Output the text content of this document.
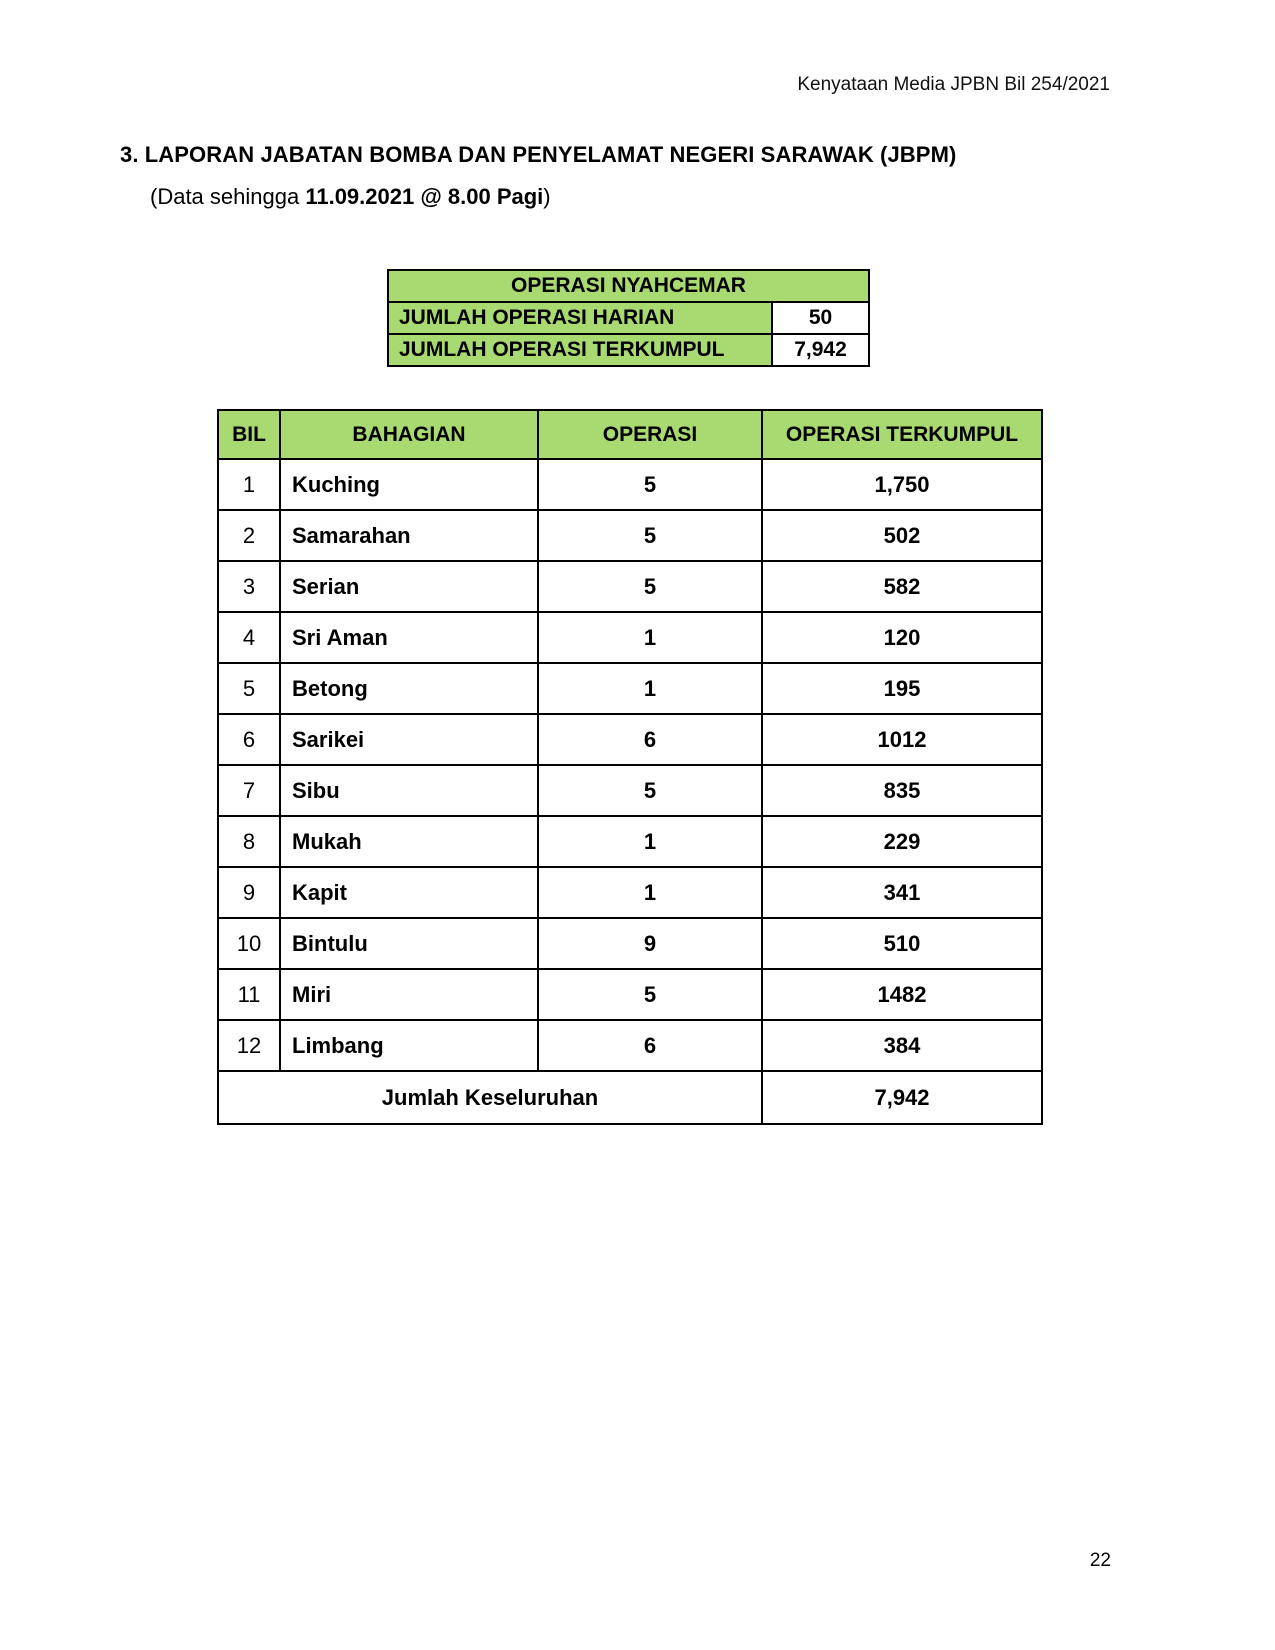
Kenyataan Media JPBN Bil 254/2021
3. LAPORAN JABATAN BOMBA DAN PENYELAMAT NEGERI SARAWAK (JBPM)
(Data sehingga 11.09.2021 @ 8.00 Pagi)
OPERASI NYAHCEMAR	
JUMLAH OPERASI HARIAN	50
JUMLAH OPERASI TERKUMPUL	7,942
BIL	BAHAGIAN	OPERASI	OPERASI TERKUMPUL
1	Kuching	5	1,750
2	Samarahan	5	502
3	Serian	5	582
4	Sri Aman	1	120
5	Betong	1	195
6	Sarikei	6	1012
7	Sibu	5	835
8	Mukah	1	229
9	Kapit	1	341
10	Bintulu	9	510
11	Miri	5	1482
12	Limbang	6	384
Jumlah Keseluruhan			7,942
22
